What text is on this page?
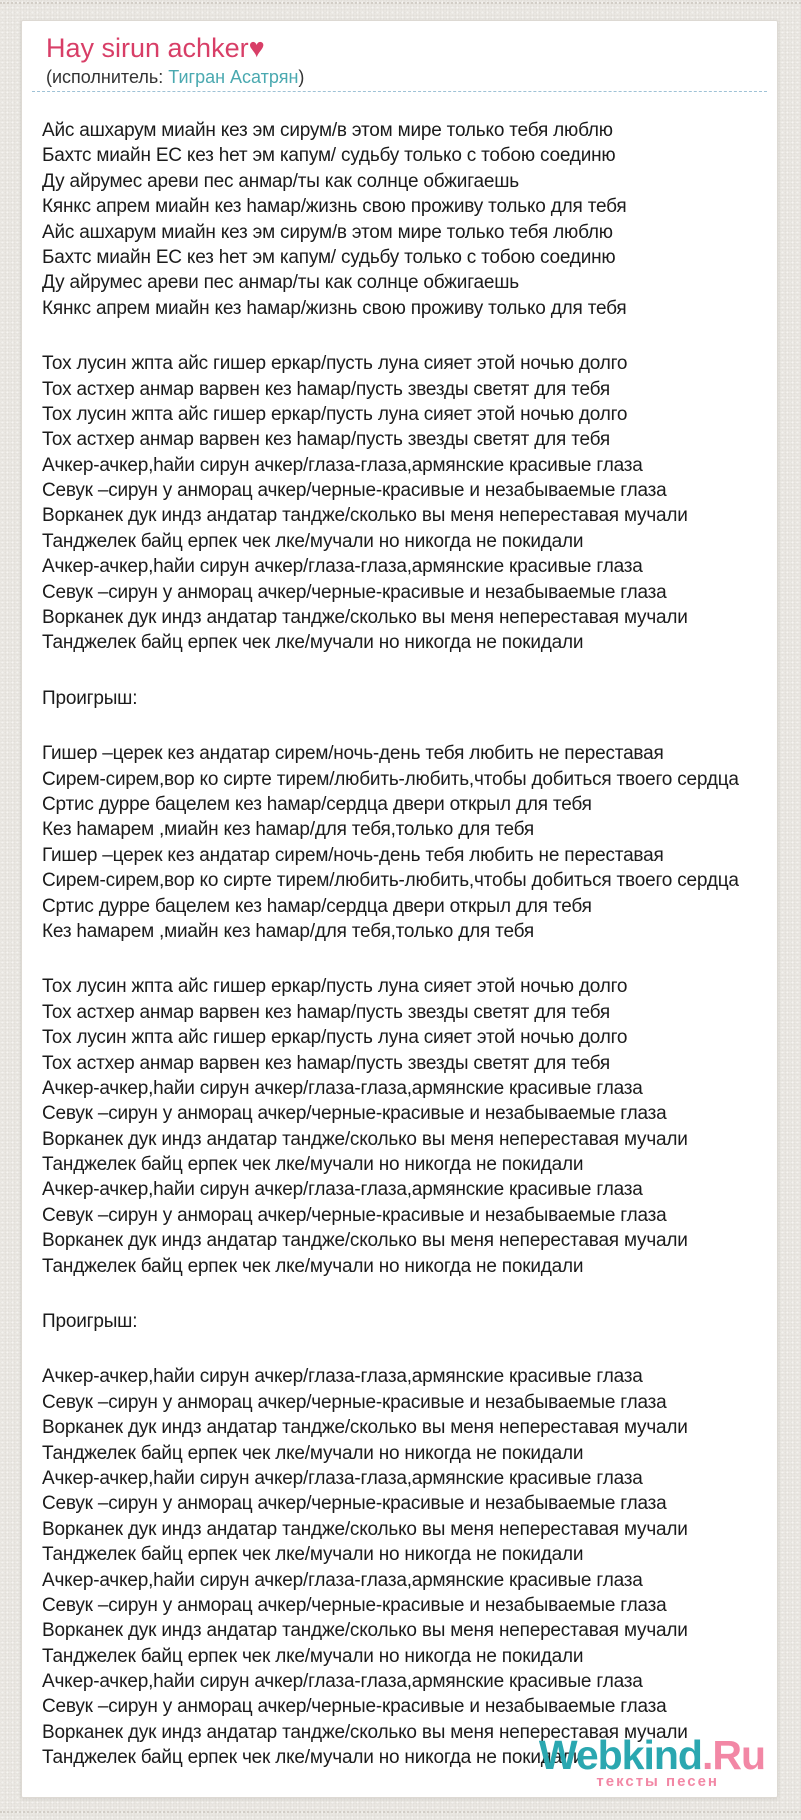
Hay sirun achker♥
(исполнитель: Тигран Асатрян)
Айс ашхарум миайн кез эм сирум/в этом мире только тебя люблю
Бахтс миайн ЕС кез hет эм капум/ судьбу только с тобою соединю
Ду айрумес ареви пес анмар/ты как солнце обжигаешь
Кянкс апрем миайн кез hамар/жизнь свою проживу только для тебя
Айс ашхарум миайн кез эм сирум/в этом мире только тебя люблю
Бахтс миайн ЕС кез hет эм капум/ судьбу только с тобою соединю
Ду айрумес ареви пес анмар/ты как солнце обжигаешь
Кянкс апрем миайн кез hамар/жизнь свою проживу только для тебя
Тох лусин жпта айс гишер еркар/пусть луна сияет этой ночью долго
Тох астхер анмар варвен кез hамар/пусть звезды светят для тебя
Тох лусин жпта айс гишер еркар/пусть луна сияет этой ночью долго
Тох астхер анмар варвен кез hамар/пусть звезды светят для тебя
Ачкер-ачкер,hайи сирун ачкер/глаза-глаза,армянские красивые глаза
Севук –сирун у анморац ачкер/черные-красивые и незабываемые глаза
Ворканек дук индз андатар тандже/сколько вы меня непереставая мучали
Танджелек байц ерпек чек лке/мучали но никогда не покидали
Ачкер-ачкер,hайи сирун ачкер/глаза-глаза,армянские красивые глаза
Севук –сирун у анморац ачкер/черные-красивые и незабываемые глаза
Ворканек дук индз андатар тандже/сколько вы меня непереставая мучали
Танджелек байц ерпек чек лке/мучали но никогда не покидали
Проигрыш:
Гишер –церек кез андатар сирем/ночь-день тебя любить не переставая
Сирем-сирем,вор ко сирте тирем/любить-любить,чтобы добиться твоего сердца
Сртис дурре бацелем кез hамар/сердца двери открыл для тебя
Кез hамарем ,миайн кез hамар/для тебя,только для тебя
Гишер –церек кез андатар сирем/ночь-день тебя любить не переставая
Сирем-сирем,вор ко сирте тирем/любить-любить,чтобы добиться твоего сердца
Сртис дурре бацелем кез hамар/сердца двери открыл для тебя
Кез hамарем ,миайн кез hамар/для тебя,только для тебя
Тох лусин жпта айс гишер еркар/пусть луна сияет этой ночью долго
Тох астхер анмар варвен кез hамар/пусть звезды светят для тебя
Тох лусин жпта айс гишер еркар/пусть луна сияет этой ночью долго
Тох астхер анмар варвен кез hамар/пусть звезды светят для тебя
Ачкер-ачкер,hайи сирун ачкер/глаза-глаза,армянские красивые глаза
Севук –сирун у анморац ачкер/черные-красивые и незабываемые глаза
Ворканек дук индз андатар тандже/сколько вы меня непереставая мучали
Танджелек байц ерпек чек лке/мучали но никогда не покидали
Ачкер-ачкер,hайи сирун ачкер/глаза-глаза,армянские красивые глаза
Севук –сирун у анморац ачкер/черные-красивые и незабываемые глаза
Ворканек дук индз андатар тандже/сколько вы меня непереставая мучали
Танджелек байц ерпек чек лке/мучали но никогда не покидали
Проигрыш:
Ачкер-ачкер,hайи сирун ачкер/глаза-глаза,армянские красивые глаза
Севук –сирун у анморац ачкер/черные-красивые и незабываемые глаза
Ворканек дук индз андатар тандже/сколько вы меня непереставая мучали
Танджелек байц ерпек чек лке/мучали но никогда не покидали
Ачкер-ачкер,hайи сирун ачкер/глаза-глаза,армянские красивые глаза
Севук –сирун у анморац ачкер/черные-красивые и незабываемые глаза
Ворканек дук индз андатар тандже/сколько вы меня непереставая мучали
Танджелек байц ерпек чек лке/мучали но никогда не покидали
Ачкер-ачкер,hайи сирун ачкер/глаза-глаза,армянские красивые глаза
Севук –сирун у анморац ачкер/черные-красивые и незабываемые глаза
Ворканек дук индз андатар тандже/сколько вы меня непереставая мучали
Танджелек байц ерпек чек лке/мучали но никогда не покидали
Ачкер-ачкер,hайи сирун ачкер/глаза-глаза,армянские красивые глаза
Севук –сирун у анморац ачкер/черные-красивые и незабываемые глаза
Ворканек дук индз андатар тандже/сколько вы меня непереставая мучали
Танджелек байц ерпек чек лке/мучали но никогда не покидали
Webkind.Ru
тексты песен
